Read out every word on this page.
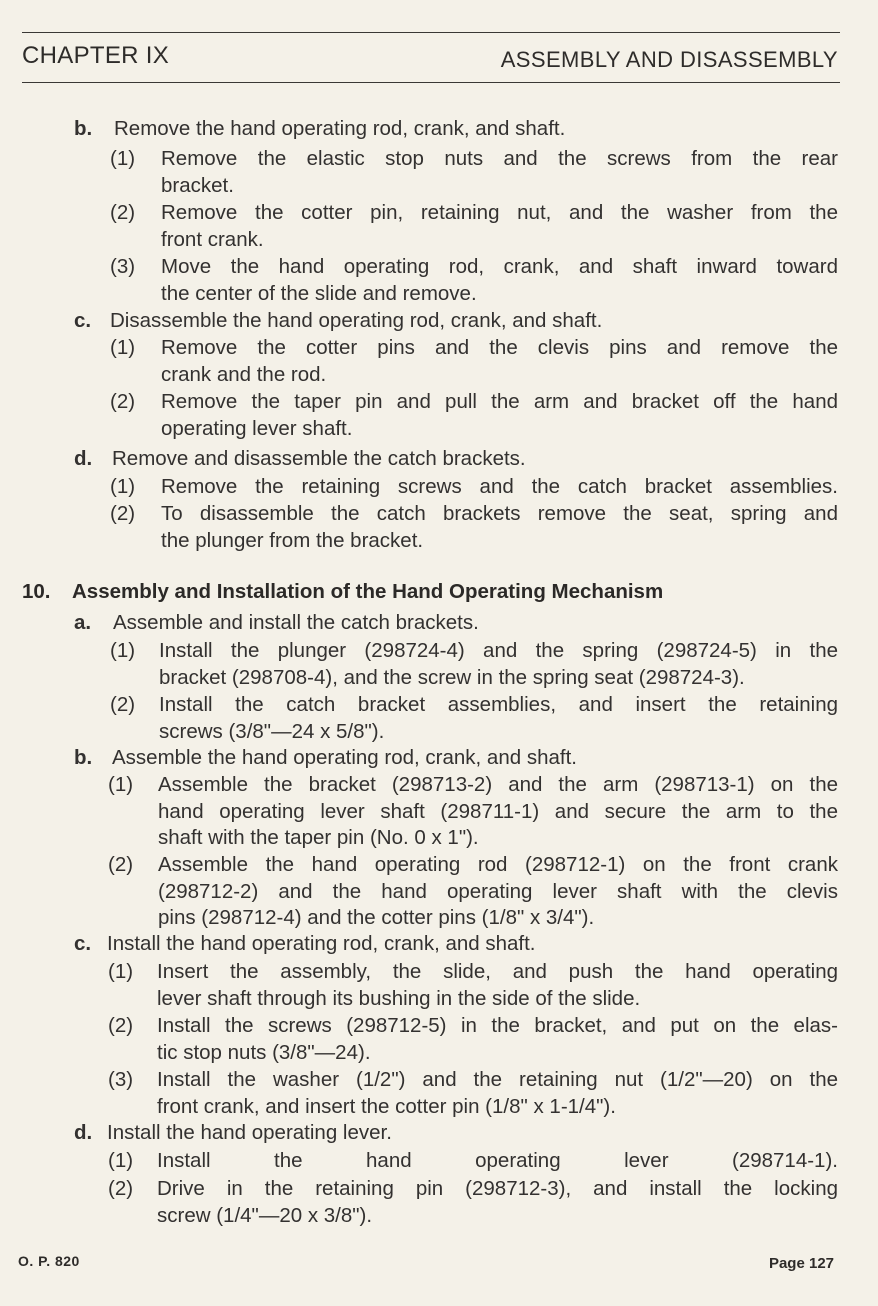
CHAPTER IX	ASSEMBLY AND DISASSEMBLY
b. Remove the hand operating rod, crank, and shaft.
(1) Remove the elastic stop nuts and the screws from the rear
bracket.
(2) Remove the cotter pin, retaining nut, and the washer from the
front crank.
(3) Move the hand operating rod, crank, and shaft inward toward
the center of the slide and remove.
c. Disassemble the hand operating rod, crank, and shaft.
(1) Remove the cotter pins and the clevis pins and remove the
crank and the rod.
(2) Remove the taper pin and pull the arm and bracket off the hand
operating lever shaft.
d. Remove and disassemble the catch brackets.
(1) Remove the retaining screws and the catch bracket assemblies.
(2) To disassemble the catch brackets remove the seat, spring and
the plunger from the bracket.
a. Assemble and install the catch brackets.
(1) Install the plunger (298724-4) and the spring (298724-5) in the
bracket (298708-4), and the screw in the spring seat (298724-3).
(2) Install the catch bracket assemblies, and insert the retaining
screws (3/8"—24 x 5/8").
b. Assemble the hand operating rod, crank, and shaft.
(1) Assemble the bracket (298713-2) and the arm (298713-1) on the
hand operating lever shaft (298711-1) and secure the arm to the
shaft with the taper pin (No. 0 x 1").
(2) Assemble the hand operating rod (298712-1) on the front crank
(298712-2) and the hand operating lever shaft with the clevis
pins (298712-4) and the cotter pins (1/8" x 3/4").
c. Install the hand operating rod, crank, and shaft.
(1) Insert the assembly, the slide, and push the hand operating
lever shaft through its bushing in the side of the slide.
(2) Install the screws (298712-5) in the bracket, and put on the elas-
tic stop nuts (3/8"—24).
(3) Install the washer (1/2") and the retaining nut (1/2"—20) on the
front crank, and insert the cotter pin (1/8" x 1-1/4").
d. Install the hand operating lever.
(1) Install the hand operating lever (298714-1).
(2) Drive in the retaining pin (298712-3), and install the locking
screw (1/4"—20 x 3/8").
10. Assembly and Installation of the Hand Operating Mechanism
O. P. 820	Page 127
